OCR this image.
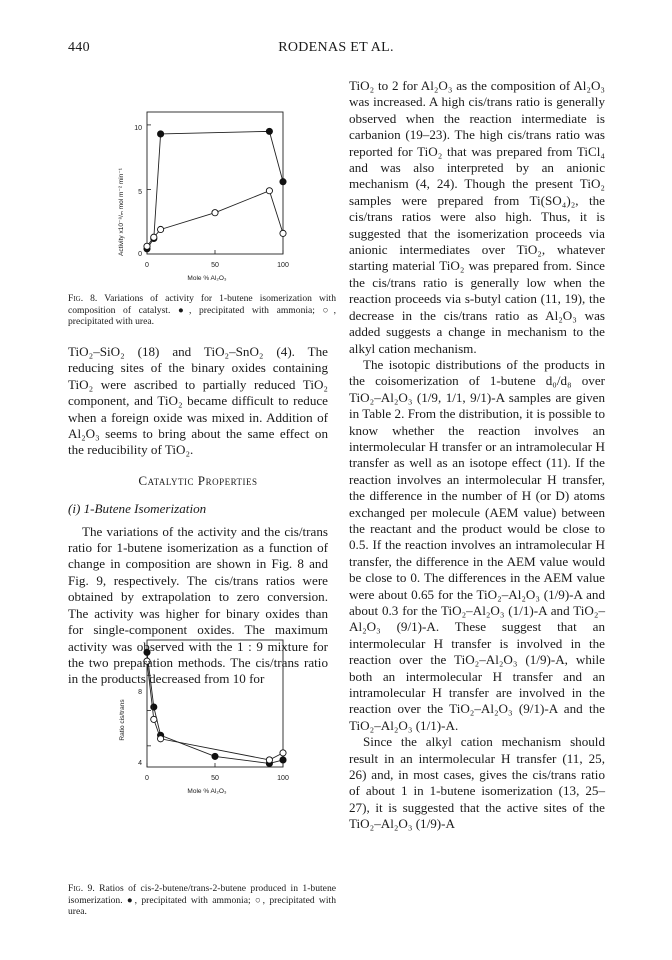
440	RODENAS ET AL.
0	50	100
0
5
10
Mole % Al₂O₃
Activity x10⁻⁸/ₘ mol m⁻² min⁻¹
Fig. 8. Variations of activity for 1-butene isomerization with composition of catalyst. ●, precipitated with ammonia; ○, precipitated with urea.
0	50	100
4
8
Mole % Al₂O₃
Ratio cis/trans
Fig. 9. Ratios of cis-2-butene/trans-2-butene produced in 1-butene isomerization. ●, precipitated with ammonia; ○, precipitated with urea.

TiO₂–SiO₂ (18) and TiO₂–SnO₂ (4). The reducing sites of the binary oxides containing TiO₂ were ascribed to partially reduced TiO₂ component, and TiO₂ became difficult to reduce when a foreign oxide was mixed in. Addition of Al₂O₃ seems to bring about the same effect on the reducibility of TiO₂.

Catalytic Properties

(i) 1-Butene Isomerization

The variations of the activity and the cis/trans ratio for 1-butene isomerization as a function of change in composition are shown in Fig. 8 and Fig. 9, respectively. The cis/trans ratios were obtained by extrapolation to zero conversion. The activity was higher for binary oxides than for single-component oxides. The maximum activity was observed with the 1 : 9 mixture for the two preparation methods. The cis/trans ratio in the products decreased from 10 for

TiO₂ to 2 for Al₂O₃ as the composition of Al₂O₃ was increased. A high cis/trans ratio is generally observed when the reaction intermediate is carbanion (19–23). The high cis/trans ratio was reported for TiO₂ that was prepared from TiCl₄ and was also interpreted by an anionic mechanism (4, 24). Though the present TiO₂ samples were prepared from Ti(SO₄)₂, the cis/trans ratios were also high. Thus, it is suggested that the isomerization proceeds via anionic intermediates over TiO₂, whatever starting material TiO₂ was prepared from. Since the cis/trans ratio is generally low when the reaction proceeds via s-butyl cation (11, 19), the decrease in the cis/trans ratio as Al₂O₃ was added suggests a change in mechanism to the alkyl cation mechanism.

The isotopic distributions of the products in the coisomerization of 1-butene d₀/d₈ over TiO₂–Al₂O₃ (1/9, 1/1, 9/1)-A samples are given in Table 2. From the distribution, it is possible to know whether the reaction involves an intermolecular H transfer or an intramolecular H transfer as well as an isotope effect (11). If the reaction involves an intermolecular H transfer, the difference in the number of H (or D) atoms exchanged per molecule (AEM value) between the reactant and the product would be close to 0.5. If the reaction involves an intramolecular H transfer, the difference in the AEM value would be close to 0. The differences in the AEM value were about 0.65 for the TiO₂–Al₂O₃ (1/9)-A and about 0.3 for the TiO₂–Al₂O₃ (1/1)-A and TiO₂–Al₂O₃ (9/1)-A. These suggest that an intermolecular H transfer is involved in the reaction over the TiO₂–Al₂O₃ (1/9)-A, while both an intermolecular H transfer and an intramolecular H transfer are involved in the reaction over the TiO₂–Al₂O₃ (9/1)-A and the TiO₂–Al₂O₃ (1/1)-A.

Since the alkyl cation mechanism should result in an intermolecular H transfer (11, 25, 26) and, in most cases, gives the cis/trans ratio of about 1 in 1-butene isomerization (13, 25–27), it is suggested that the active sites of the TiO₂–Al₂O₃ (1/9)-A
